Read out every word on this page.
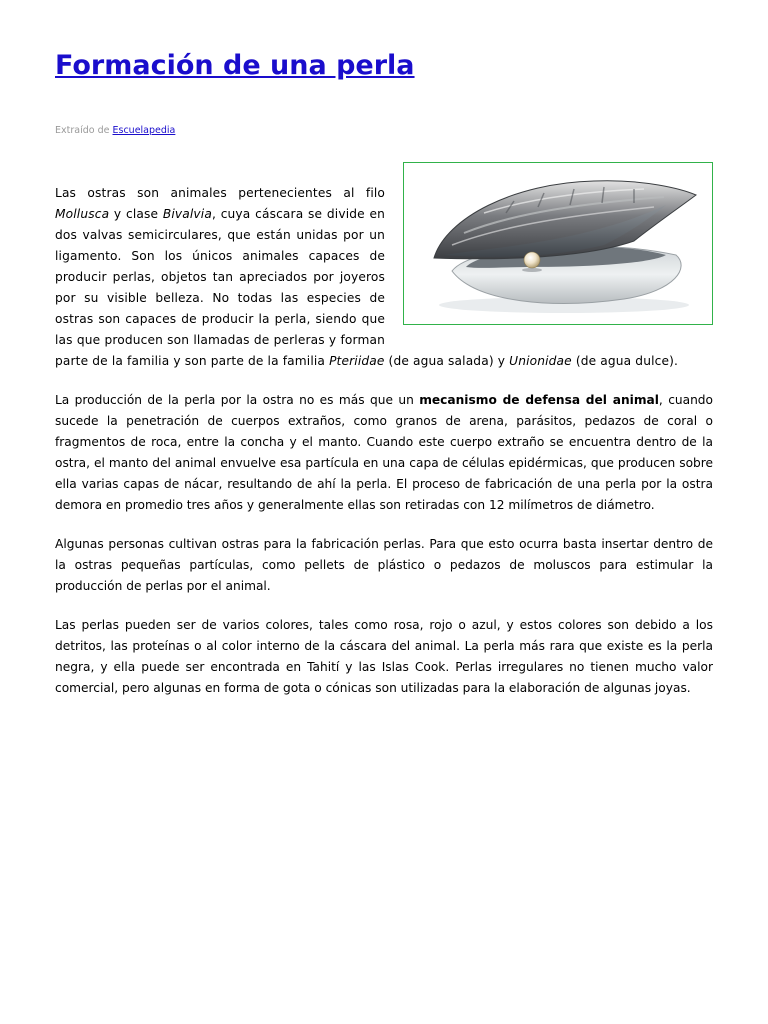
Formación de una perla
Extraído de Escuelapedia

Las ostras son animales pertenecientes al filo Mollusca y clase Bivalvia, cuya cáscara se divide en dos valvas semicirculares, que están unidas por un ligamento. Son los únicos animales capaces de producir perlas, objetos tan apreciados por joyeros por su visible belleza. No todas las especies de ostras son capaces de producir la perla, siendo que las que producen son llamadas de perleras y forman parte de la familia y son parte de la familia Pteriidae (de agua salada) y Unionidae (de agua dulce).

La producción de la perla por la ostra no es más que un mecanismo de defensa del animal, cuando sucede la penetración de cuerpos extraños, como granos de arena, parásitos, pedazos de coral o fragmentos de roca, entre la concha y el manto. Cuando este cuerpo extraño se encuentra dentro de la ostra, el manto del animal envuelve esa partícula en una capa de células epidérmicas, que producen sobre ella varias capas de nácar, resultando de ahí la perla. El proceso de fabricación de una perla por la ostra demora en promedio tres años y generalmente ellas son retiradas con 12 milímetros de diámetro.

Algunas personas cultivan ostras para la fabricación perlas. Para que esto ocurra basta insertar dentro de la ostras pequeñas partículas, como pellets de plástico o pedazos de moluscos para estimular la producción de perlas por el animal.

Las perlas pueden ser de varios colores, tales como rosa, rojo o azul, y estos colores son debido a los detritos, las proteínas o al color interno de la cáscara del animal. La perla más rara que existe es la perla negra, y ella puede ser encontrada en Tahití y las Islas Cook. Perlas irregulares no tienen mucho valor comercial, pero algunas en forma de gota o cónicas son utilizadas para la elaboración de algunas joyas.
